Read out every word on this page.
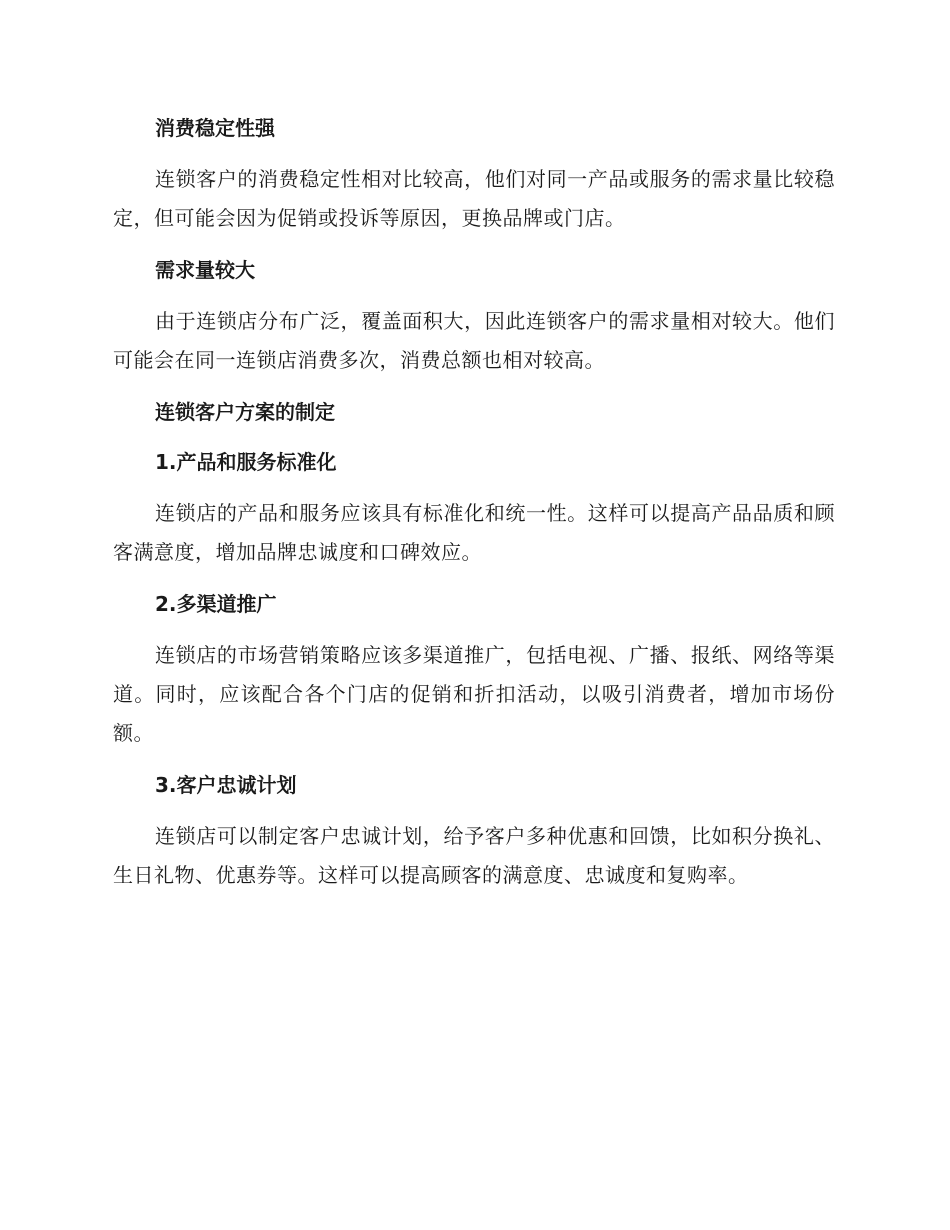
消费稳定性强

连锁客户的消费稳定性相对比较高，他们对同一产品或服务的需求量比较稳定，但可能会因为促销或投诉等原因，更换品牌或门店。

需求量较大

由于连锁店分布广泛，覆盖面积大，因此连锁客户的需求量相对较大。他们可能会在同一连锁店消费多次，消费总额也相对较高。

连锁客户方案的制定
1.产品和服务标准化

连锁店的产品和服务应该具有标准化和统一性。这样可以提高产品品质和顾客满意度，增加品牌忠诚度和口碑效应。

2.多渠道推广

连锁店的市场营销策略应该多渠道推广，包括电视、广播、报纸、网络等渠道。同时，应该配合各个门店的促销和折扣活动，以吸引消费者，增加市场份额。

3.客户忠诚计划

连锁店可以制定客户忠诚计划，给予客户多种优惠和回馈，比如积分换礼、生日礼物、优惠券等。这样可以提高顾客的满意度、忠诚度和复购率。
